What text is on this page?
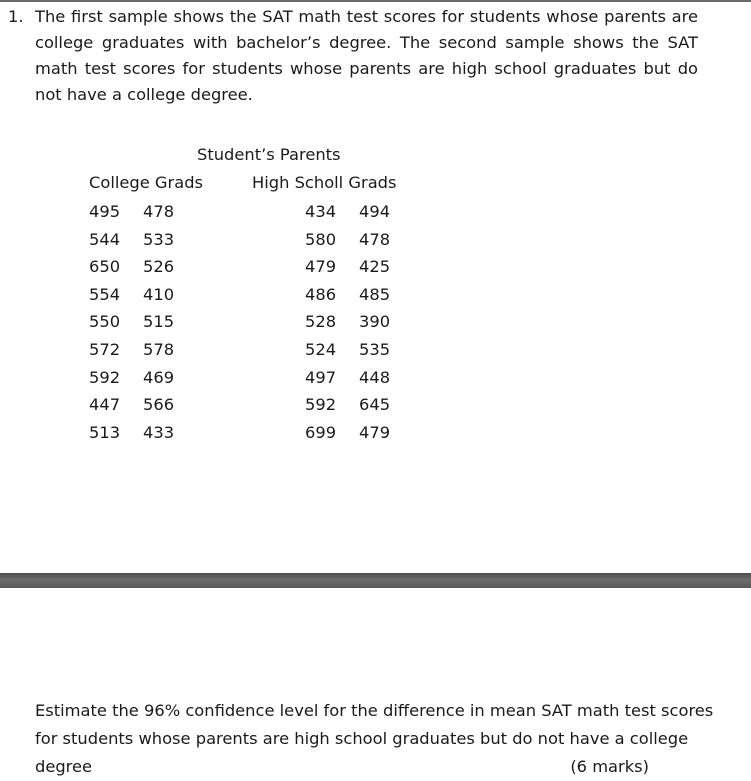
1. The first sample shows the SAT math test scores for students whose parents are college graduates with bachelor’s degree. The second sample shows the SAT math test scores for students whose parents are high school graduates but do not have a college degree.
Student’s Parents
College Grads	High Scholl Grads
495 478
544 533
650 526
554 410
550 515
572 578
592 469
447 566
513 433
434 494
580 478
479 425
486 485
528 390
524 535
497 448
592 645
699 479
Estimate the 96% confidence level for the difference in mean SAT math test scores
for students whose parents are high school graduates but do not have a college
degree	(6 marks)
